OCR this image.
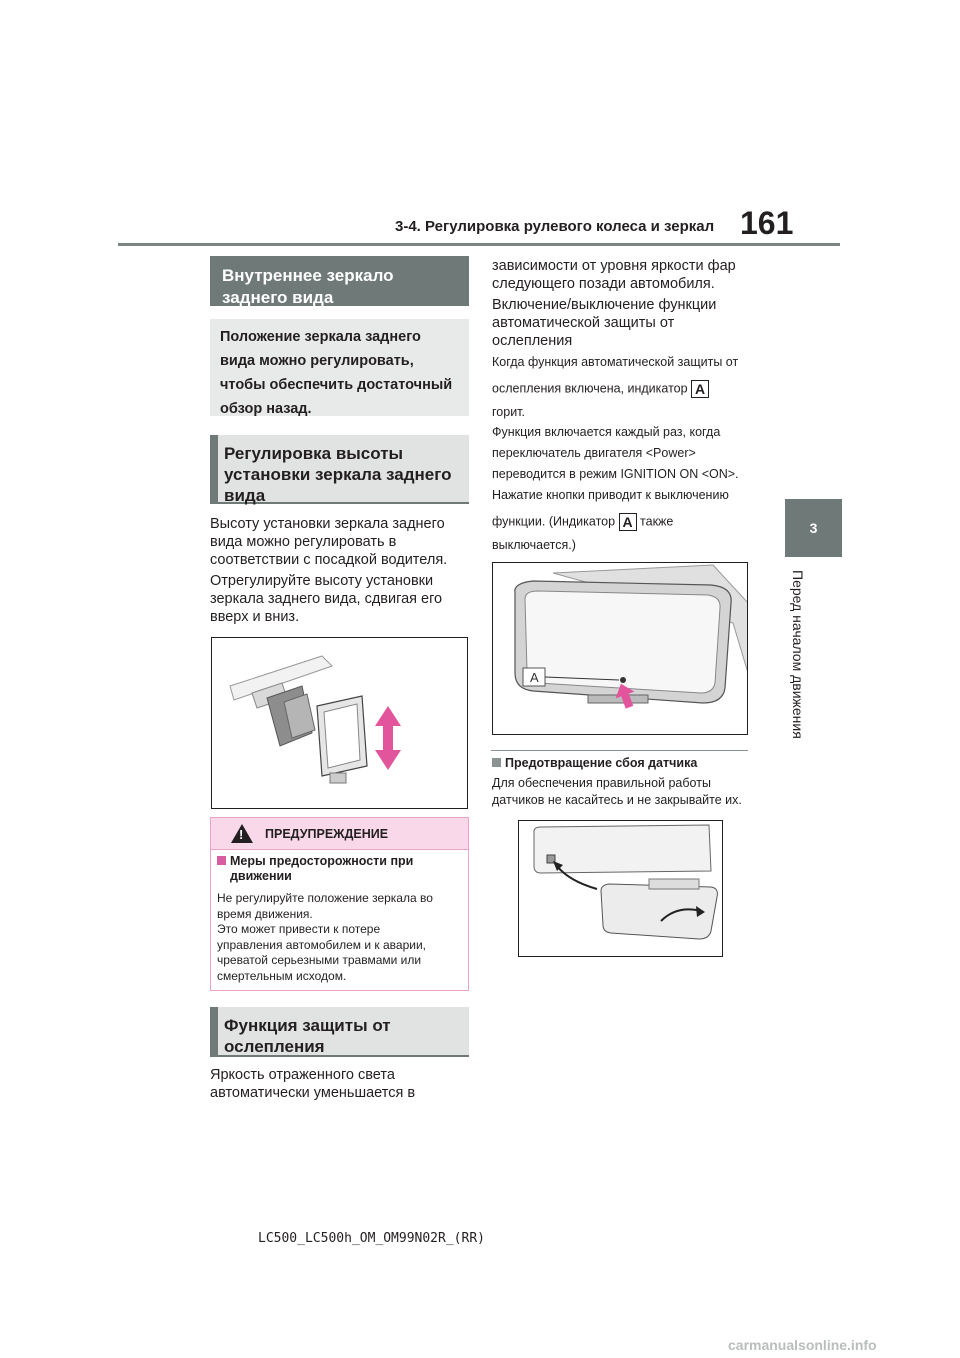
3-4. Регулировка рулевого колеса и зеркал 161
3
Перед началом движения
Внутреннее зеркало заднего вида
Положение зеркала заднего
вида можно регулировать,
чтобы обеспечить достаточный
обзор назад.
Регулировка высоты
установки зеркала заднего
вида
Высоту установки зеркала заднего
вида можно регулировать в
соответствии с посадкой водителя.
Отрегулируйте высоту установки
зеркала заднего вида, сдвигая его
вверх и вниз.
!
ПРЕДУПРЕЖДЕНИЕ
Меры предосторожности при
движении
Не регулируйте положение зеркала во
время движения.
Это может привести к потере
управления автомобилем и к аварии,
чреватой серьезными травмами или
смертельным исходом.
Функция защиты от
ослепления
Яркость отраженного света
автоматически уменьшается в
зависимости от уровня яркости фар
следующего позади автомобиля.
Включение/выключение функции
автоматической защиты от
ослепления
Когда функция автоматической защиты от
ослепления включена, индикатор A
горит.
Функция включается каждый раз, когда
переключатель двигателя <Power>
переводится в режим IGNITION ON <ON>.
Нажатие кнопки приводит к выключению
функции. (Индикатор A также
выключается.)
A
Предотвращение сбоя датчика
Для обеспечения правильной работы
датчиков не касайтесь и не закрывайте их.
LC500_LC500h_OM_OM99N02R_(RR)
carmanualsonline.info
